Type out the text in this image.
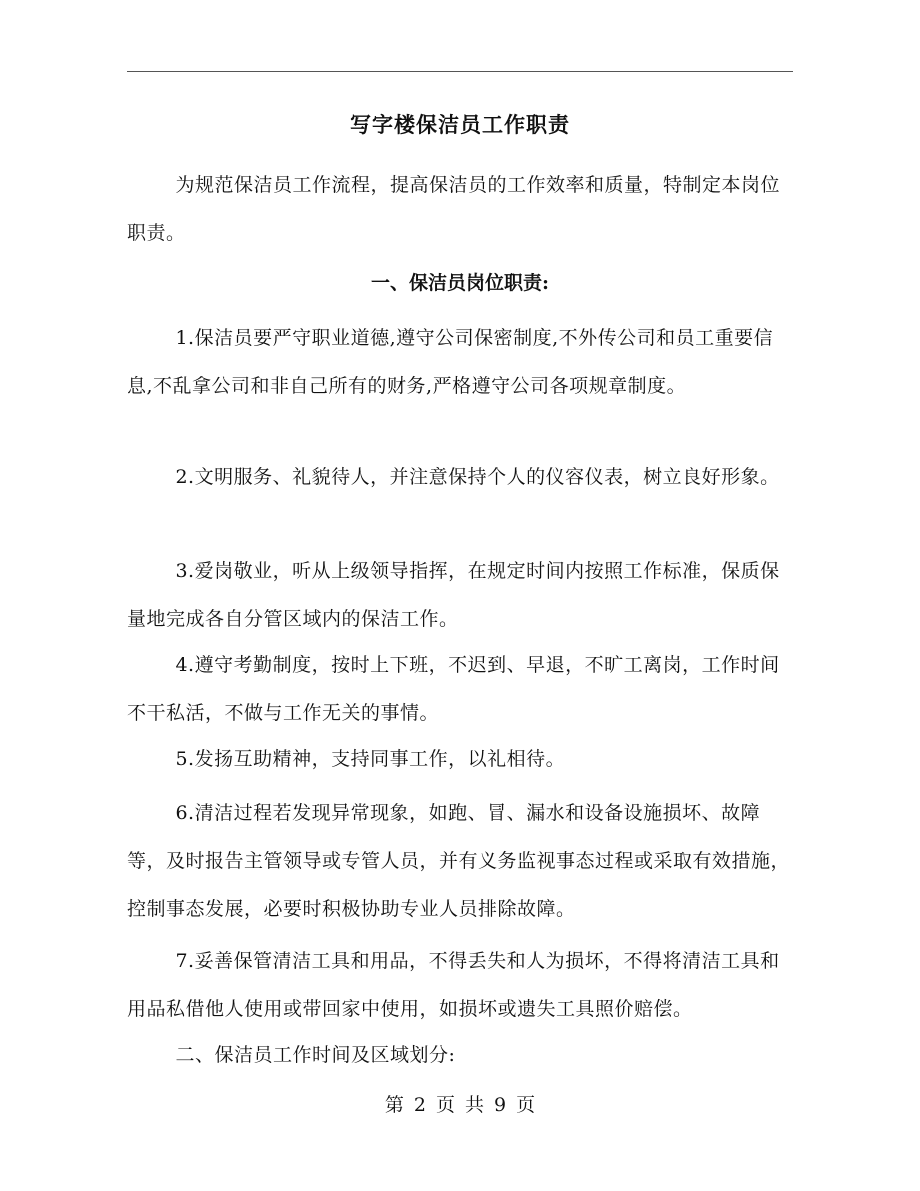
写字楼保洁员工作职责

为规范保洁员工作流程，提高保洁员的工作效率和质量，特制定本岗位职责。

一、保洁员岗位职责:

1.保洁员要严守职业道德,遵守公司保密制度,不外传公司和员工重要信息,不乱拿公司和非自己所有的财务,严格遵守公司各项规章制度。

2.文明服务、礼貌待人，并注意保持个人的仪容仪表，树立良好形象。

3.爱岗敬业，听从上级领导指挥，在规定时间内按照工作标准，保质保量地完成各自分管区域内的保洁工作。

4.遵守考勤制度，按时上下班，不迟到、早退，不旷工离岗，工作时间不干私活，不做与工作无关的事情。

5.发扬互助精神，支持同事工作，以礼相待。

6.清洁过程若发现异常现象，如跑、冒、漏水和设备设施损坏、故障等，及时报告主管领导或专管人员，并有义务监视事态过程或采取有效措施，控制事态发展，必要时积极协助专业人员排除故障。

7.妥善保管清洁工具和用品，不得丢失和人为损坏，不得将清洁工具和用品私借他人使用或带回家中使用，如损坏或遗失工具照价赔偿。

二、保洁员工作时间及区域划分:

第 2 页 共 9 页
